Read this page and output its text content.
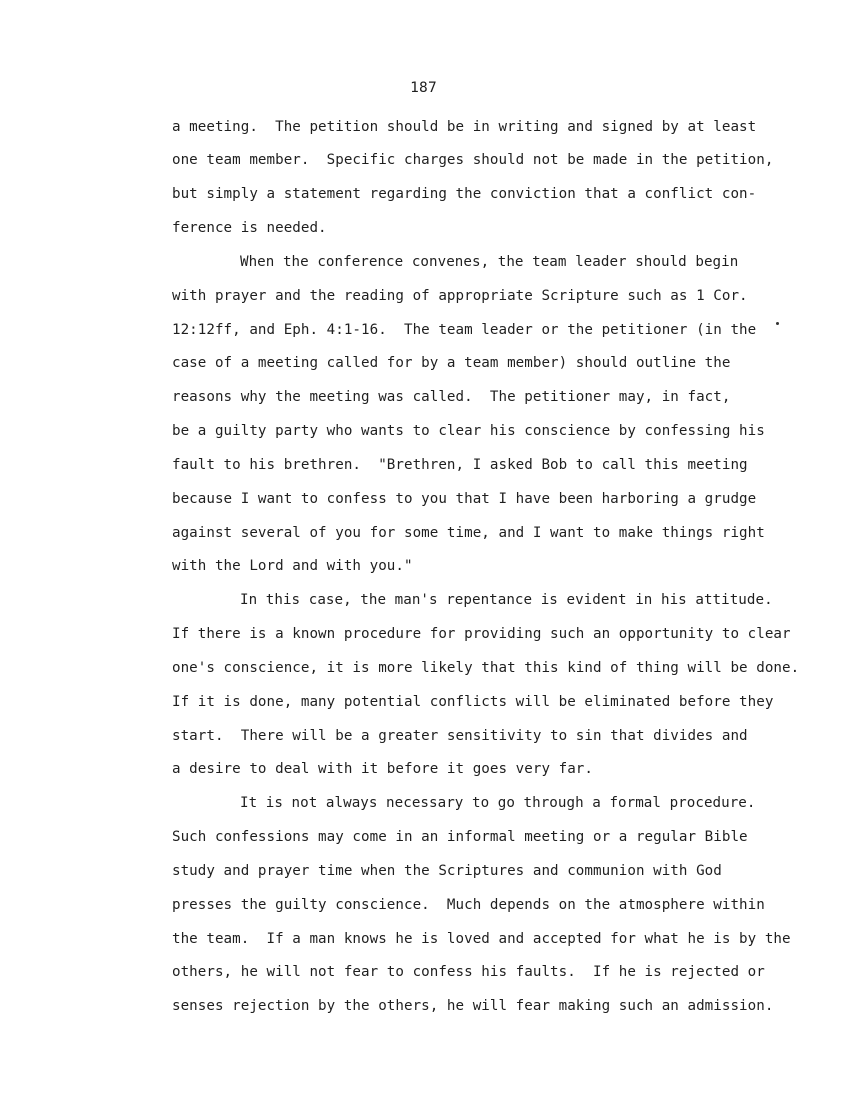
187
a meeting.  The petition should be in writing and signed by at least
one team member.  Specific charges should not be made in the petition,
but simply a statement regarding the conviction that a conflict con-
ference is needed.
When the conference convenes, the team leader should begin
with prayer and the reading of appropriate Scripture such as 1 Cor.
12:12ff, and Eph. 4:1-16.  The team leader or the petitioner (in the
case of a meeting called for by a team member) should outline the
reasons why the meeting was called.  The petitioner may, in fact,
be a guilty party who wants to clear his conscience by confessing his
fault to his brethren.  "Brethren, I asked Bob to call this meeting
because I want to confess to you that I have been harboring a grudge
against several of you for some time, and I want to make things right
with the Lord and with you."
In this case, the man's repentance is evident in his attitude.
If there is a known procedure for providing such an opportunity to clear
one's conscience, it is more likely that this kind of thing will be done.
If it is done, many potential conflicts will be eliminated before they
start.  There will be a greater sensitivity to sin that divides and
a desire to deal with it before it goes very far.
It is not always necessary to go through a formal procedure.
Such confessions may come in an informal meeting or a regular Bible
study and prayer time when the Scriptures and communion with God
presses the guilty conscience.  Much depends on the atmosphere within
the team.  If a man knows he is loved and accepted for what he is by the
others, he will not fear to confess his faults.  If he is rejected or
senses rejection by the others, he will fear making such an admission.
